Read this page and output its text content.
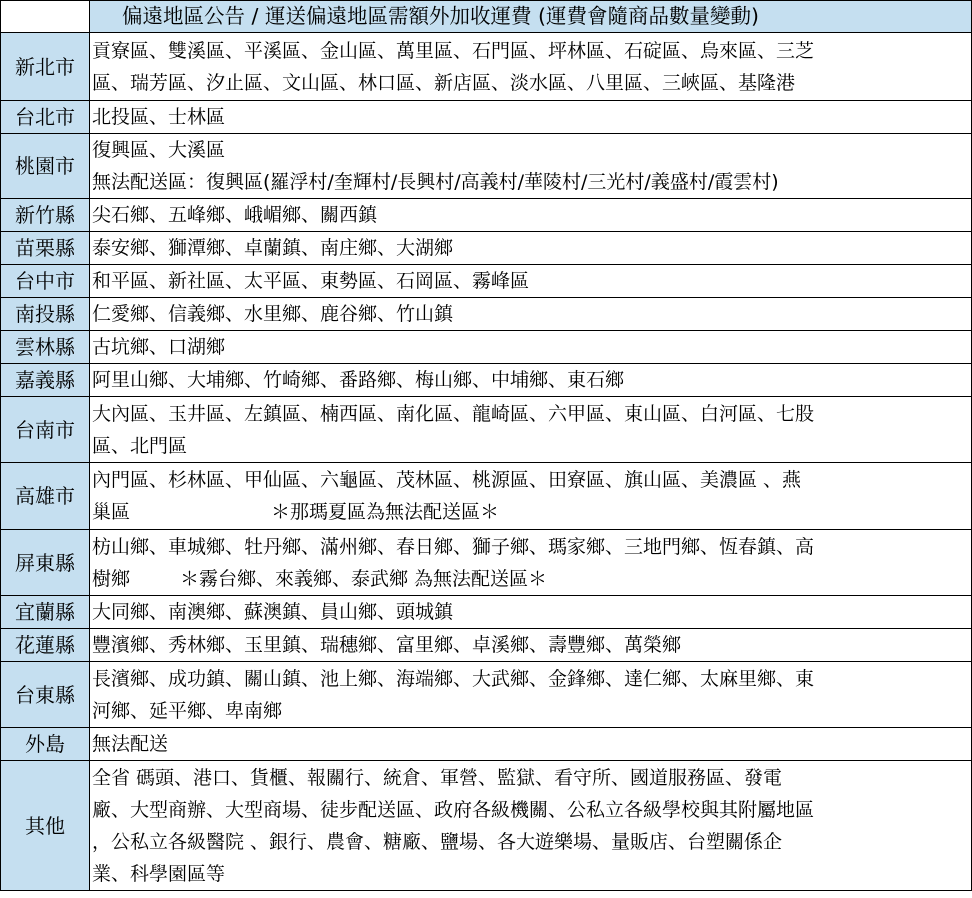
	偏遠地區公告 / 運送偏遠地區需額外加收運費 (運費會隨商品數量變動)
新北市	貢寮區、雙溪區、平溪區、金山區、萬里區、石門區、坪林區、石碇區、烏來區、三芝
區、瑞芳區、汐止區、文山區、林口區、新店區、淡水區、八里區、三峽區、基隆港

台北市	北投區、士林區

桃園市	復興區、大溪區
無法配送區：復興區(羅浮村/奎輝村/長興村/高義村/華陵村/三光村/義盛村/霞雲村)

新竹縣	尖石鄉、五峰鄉、峨嵋鄉、關西鎮

苗栗縣	泰安鄉、獅潭鄉、卓蘭鎮、南庄鄉、大湖鄉

台中市	和平區、新社區、太平區、東勢區、石岡區、霧峰區

南投縣	仁愛鄉、信義鄉、水里鄉、鹿谷鄉、竹山鎮

雲林縣	古坑鄉、口湖鄉

嘉義縣	阿里山鄉、大埔鄉、竹崎鄉、番路鄉、梅山鄉、中埔鄉、東石鄉

台南市	大內區、玉井區、左鎮區、楠西區、南化區、龍崎區、六甲區、東山區、白河區、七股
區、北門區

高雄市	內門區、杉林區、甲仙區、六龜區、茂林區、桃源區、田寮區、旗山區、美濃區 、燕
巢區 ＊那瑪夏區為無法配送區＊

屏東縣	枋山鄉、車城鄉、牡丹鄉、滿州鄉、春日鄉、獅子鄉、瑪家鄉、三地門鄉、恆春鎮、高
樹鄉 ＊霧台鄉、來義鄉、泰武鄉 為無法配送區＊

宜蘭縣	大同鄉、南澳鄉、蘇澳鎮、員山鄉、頭城鎮

花蓮縣	豐濱鄉、秀林鄉、玉里鎮、瑞穗鄉、富里鄉、卓溪鄉、壽豐鄉、萬榮鄉

台東縣	長濱鄉、成功鎮、關山鎮、池上鄉、海端鄉、大武鄉、金鋒鄉、達仁鄉、太麻里鄉、東
河鄉、延平鄉、卑南鄉

外島	無法配送

其他	全省 碼頭、港口、貨櫃、報關行、統倉、軍營、監獄、看守所、國道服務區、發電
廠、大型商辦、大型商場、徒步配送區、政府各級機關、公私立各級學校與其附屬地區
，公私立各級醫院 、銀行、農會、糖廠、鹽場、各大遊樂場、量販店、台塑關係企
業、科學園區等
